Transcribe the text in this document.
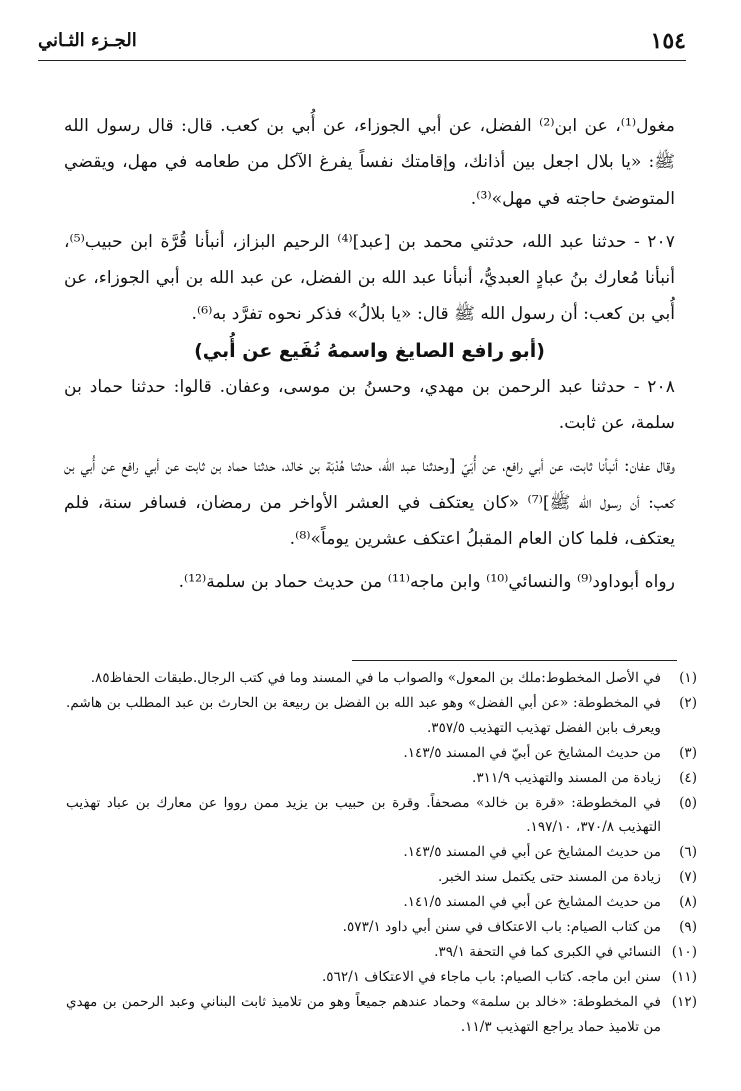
١٥٤
الجـزء الثـاني

مغول⁽¹⁾، عن ابن⁽²⁾ الفضل، عن أبي الجوزاء، عن أُبي بن كعب. قال: قال رسول الله ﷺ: «يا بلال اجعل بين أذانك، وإقامتك نفساً يفرغ الآكل من طعامه في مهل، ويقضي المتوضئ حاجته في مهل»⁽³⁾.

٢٠٧ - حدثنا عبد الله، حدثني محمد بن [عبد]⁽⁴⁾ الرحيم البزاز، أنبأنا قُرَّة ابن حبيب⁽⁵⁾، أنبأنا مُعارك بنُ عبادٍ العبديُّ، أنبأنا عبد الله بن الفضل، عن عبد الله بن أبي الجوزاء، عن أُبي بن كعب: أن رسول الله ﷺ قال: «يا بلالُ» فذكر نحوه تفرَّد به⁽⁶⁾.

(أبو رافع الصايغ واسمهُ نُفَيع عن أُبي)

٢٠٨ - حدثنا عبد الرحمن بن مهدي، وحسنُ بن موسى، وعفان. قالوا: حدثنا حماد بن سلمة، عن ثابت.

وقال عفان: أنبأنا ثابت، عن أبي رافع، عن أُبَيّ [وحدثنا عبد الله، حدثنا هُدْبَة بن خالد، حدثنا حماد بن ثابت عن أبي رافع عن أُبي بن كعب: أن رسول الله ﷺ]⁽⁷⁾ «كان يعتكف في العشر الأواخر من رمضان، فسافر سنة، فلم يعتكف، فلما كان العام المقبلُ اعتكف عشرين يوماً»⁽⁸⁾.

رواه أبوداود⁽⁹⁾ والنسائي⁽¹⁰⁾ وابن ماجه⁽¹¹⁾ من حديث حماد بن سلمة⁽¹²⁾.

(١)
في الأصل المخطوط:ملك بن المعول» والصواب ما في المسند وما في كتب الرجال.طبقات الحفاظ٨٥.
(٢)
في المخطوطة: «عن أبي الفضل» وهو عبد الله بن الفضل بن ربيعة بن الحارث بن عبد المطلب بن هاشم. ويعرف بابن الفضل تهذيب التهذيب ٣٥٧/٥.
(٣)
من حديث المشايخ عن أبيّ في المسند ١٤٣/٥.
(٤)
زيادة من المسند والتهذيب ٣١١/٩.
(٥)
في المخطوطة: «قرة بن خالد» مصحفاً. وقرة بن حبيب بن يزيد ممن رووا عن معارك بن عباد تهذيب التهذيب ٣٧٠/٨، ١٩٧/١٠.
(٦)
من حديث المشايخ عن أبي في المسند ١٤٣/٥.
(٧)
زيادة من المسند حتى يكتمل سند الخبر.
(٨)
من حديث المشايخ عن أبي في المسند ١٤١/٥.
(٩)
من كتاب الصيام: باب الاعتكاف في سنن أبي داود ٥٧٣/١.
(١٠)
النسائي في الكبرى كما في التحفة ٣٩/١.
(١١)
سنن ابن ماجه. كتاب الصيام: باب ماجاء في الاعتكاف ٥٦٢/١.
(١٢)
في المخطوطة: «خالد بن سلمة» وحماد عندهم جميعاً وهو من تلاميذ ثابت البناني وعبد الرحمن بن مهدي من تلاميذ حماد يراجع التهذيب ١١/٣.
